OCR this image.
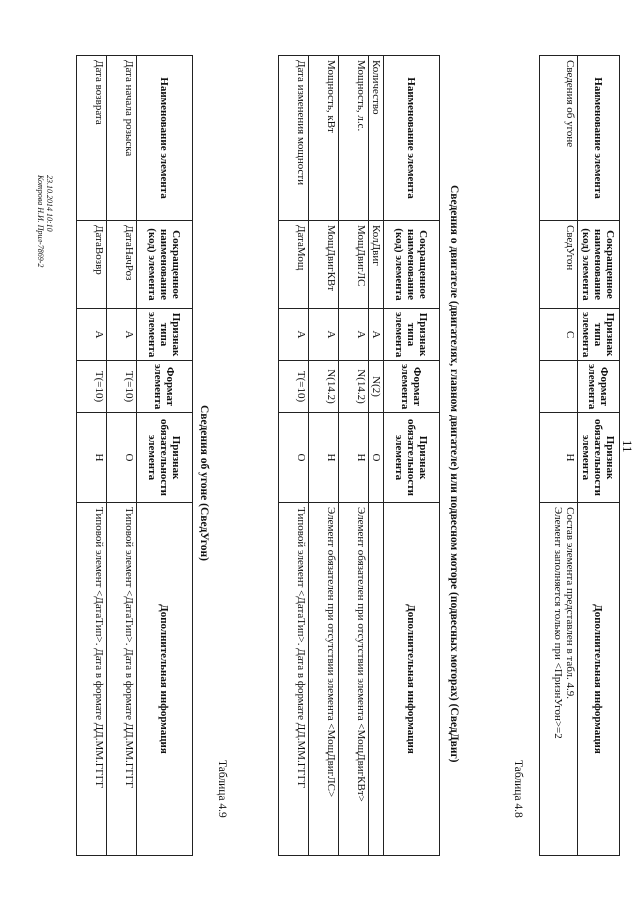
Наименование элемента	Сокращенное наименование (код) элемента	Признак типа элемента	Формат элемента	Признак обязательности элемента	Дополнительная информация
Сведения об угоне	СведУгон	С		Н	Состав элемента представлен в табл. 4.9.
Элемент заполняется только при <ПризнУгон>=2
11
Таблица 4.8
Сведения о двигателе (двигателях, главном двигателе) или подвесном моторе (подвесных моторах) (СведДвиг)
Наименование элемента	Сокращенное наименование (код) элемента	Признак типа элемента	Формат элемента	Признак обязательности элемента	Дополнительная информация
Количество	КолДвиг	А	N(2)	О	
Мощность, л.с.	МощДвигЛС	А	N(14.2)	Н	Элемент обязателен при отсутствии элемента <МощДвигКВт>
Мощность, кВт	МощДвигКВт	А	N(14.2)	Н	Элемент обязателен при отсутствии элемента <МощДвигЛС>
Дата изменения мощности	ДатаМощ	А	T(=10)	О	Типовой элемент <ДатаТип>. Дата в формате ДД.ММ.ГГГГ
Таблица 4.9
Сведения об угоне (СведУгон)
Наименование элемента	Сокращенное наименование (код) элемента	Признак типа элемента	Формат элемента	Признак обязательности элемента	Дополнительная информация
Дата начала розыска	ДатаНачРоз	А	T(=10)	О	Типовой элемент <ДатаТип>. Дата в формате ДД.ММ.ГГГГ
Дата возврата	ДатаВозвр	А	T(=10)	Н	Типовой элемент <ДатаТип>. Дата в формате ДД.ММ.ГГГГ
23.10.2014 10:10
Котрова Н.И. Прил-7869-2
